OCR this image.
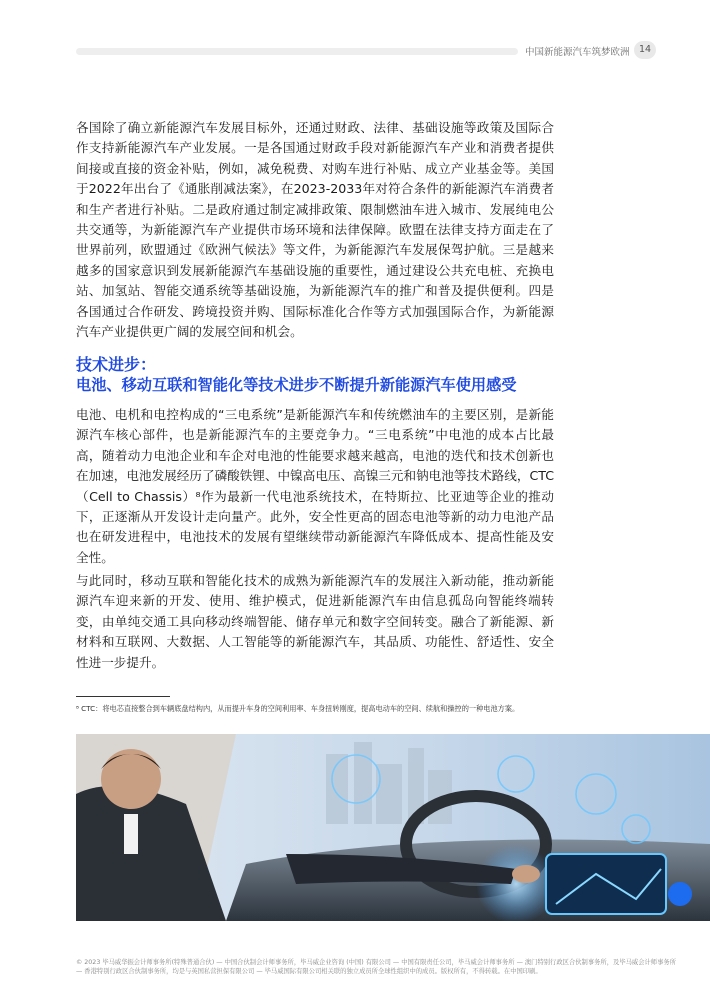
中国新能源汽车筑梦欧洲 14

各国除了确立新能源汽车发展目标外，还通过财政、法律、基础设施等政策及国际合作支持新能源汽车产业发展。一是各国通过财政手段对新能源汽车产业和消费者提供间接或直接的资金补贴，例如，减免税费、对购车进行补贴、成立产业基金等。美国于2022年出台了《通胀削减法案》，在2023-2033年对符合条件的新能源汽车消费者和生产者进行补贴。二是政府通过制定减排政策、限制燃油车进入城市、发展纯电公共交通等，为新能源汽车产业提供市场环境和法律保障。欧盟在法律支持方面走在了世界前列，欧盟通过《欧洲气候法》等文件，为新能源汽车发展保驾护航。三是越来越多的国家意识到发展新能源汽车基础设施的重要性，通过建设公共充电桩、充换电站、加氢站、智能交通系统等基础设施，为新能源汽车的推广和普及提供便利。四是各国通过合作研发、跨境投资并购、国际标准化合作等方式加强国际合作，为新能源汽车产业提供更广阔的发展空间和机会。

技术进步：
电池、移动互联和智能化等技术进步不断提升新能源汽车使用感受

电池、电机和电控构成的“三电系统”是新能源汽车和传统燃油车的主要区别，是新能源汽车核心部件，也是新能源汽车的主要竞争力。“三电系统”中电池的成本占比最高，随着动力电池企业和车企对电池的性能要求越来越高，电池的迭代和技术创新也在加速，电池发展经历了磷酸铁锂、中镍高电压、高镍三元和钠电池等技术路线，CTC（Cell to Chassis）⁸作为最新一代电池系统技术，在特斯拉、比亚迪等企业的推动下，正逐渐从开发设计走向量产。此外，安全性更高的固态电池等新的动力电池产品也在研发进程中，电池技术的发展有望继续带动新能源汽车降低成本、提高性能及安全性。

与此同时，移动互联和智能化技术的成熟为新能源汽车的发展注入新动能，推动新能源汽车迎来新的开发、使用、维护模式，促进新能源汽车由信息孤岛向智能终端转变，由单纯交通工具向移动终端智能、储存单元和数字空间转变。融合了新能源、新材料和互联网、大数据、人工智能等的新能源汽车，其品质、功能性、舒适性、安全性进一步提升。

⁸ CTC：将电芯直接整合到车辆底盘结构内，从而提升车身的空间利用率、车身扭转刚度，提高电动车的空间、续航和操控的一种电池方案。

© 2023 毕马威华振会计师事务所(特殊普通合伙) — 中国合伙制会计师事务所，毕马威企业咨询 (中国) 有限公司 — 中国有限责任公司，毕马威会计师事务所 — 澳门特别行政区合伙制事务所，及毕马威会计师事务所 — 香港特别行政区合伙制事务所，均是与英国私营担保有限公司 — 毕马威国际有限公司相关联的独立成员所全球性组织中的成员。版权所有，不得转载。在中国印刷。
